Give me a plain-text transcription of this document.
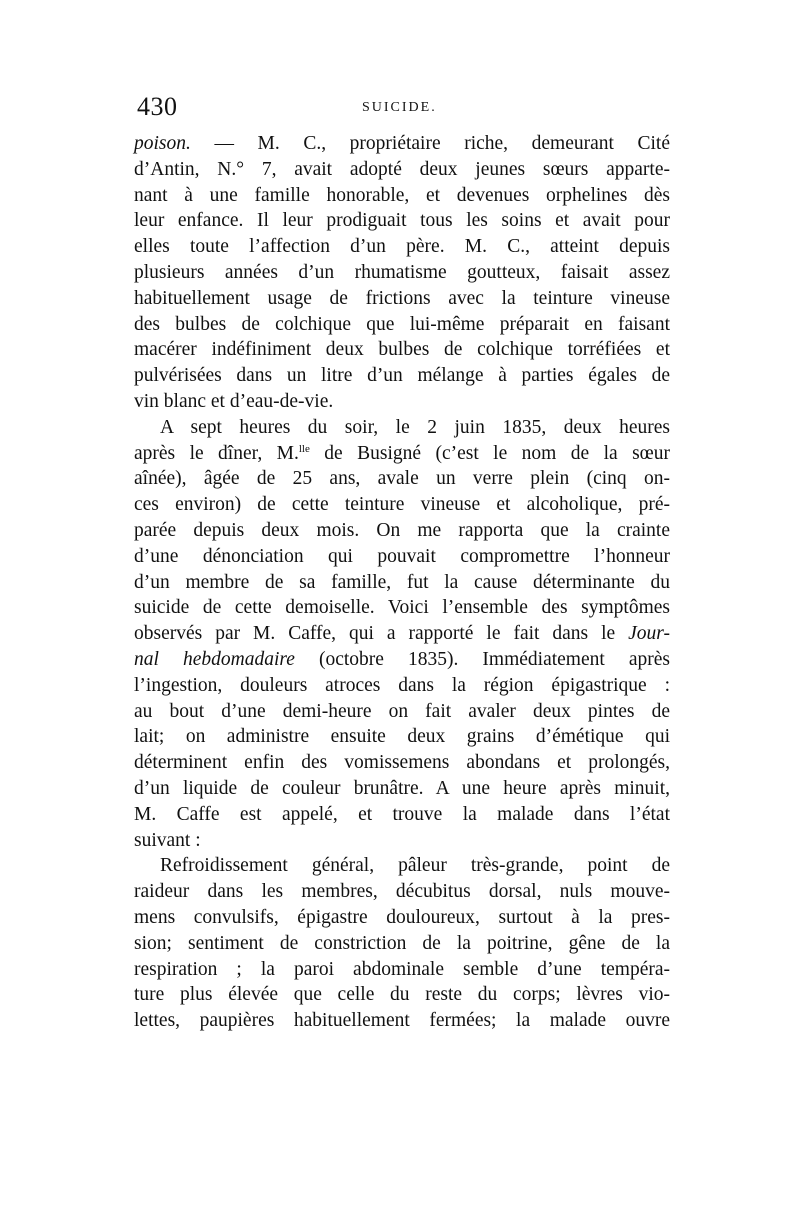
430	SUICIDE.
poison. — M. C., propriétaire riche, demeurant Cité
d’Antin, N.° 7, avait adopté deux jeunes sœurs apparte-
nant à une famille honorable, et devenues orphelines dès
leur enfance. Il leur prodiguait tous les soins et avait pour
elles toute l’affection d’un père. M. C., atteint depuis
plusieurs années d’un rhumatisme goutteux, faisait assez
habituellement usage de frictions avec la teinture vineuse
des bulbes de colchique que lui-même préparait en faisant
macérer indéfiniment deux bulbes de colchique torréfiées et
pulvérisées dans un litre d’un mélange à parties égales de
vin blanc et d’eau-de-vie.
A sept heures du soir, le 2 juin 1835, deux heures
après le dîner, M.$^{lle}$ de Busigné (c’est le nom de la sœur
aînée), âgée de 25 ans, avale un verre plein (cinq on-
ces environ) de cette teinture vineuse et alcoholique, pré-
parée depuis deux mois. On me rapporta que la crainte
d’une dénonciation qui pouvait compromettre l’honneur
d’un membre de sa famille, fut la cause déterminante du
suicide de cette demoiselle. Voici l’ensemble des symptômes
observés par M. Caffe, qui a rapporté le fait dans le Jour-
nal hebdomadaire (octobre 1835). Immédiatement après
l’ingestion, douleurs atroces dans la région épigastrique :
au bout d’une demi-heure on fait avaler deux pintes de
lait; on administre ensuite deux grains d’émétique qui
déterminent enfin des vomissemens abondans et prolongés,
d’un liquide de couleur brunâtre. A une heure après minuit,
M. Caffe est appelé, et trouve la malade dans l’état
suivant :
Refroidissement général, pâleur très-grande, point de
raideur dans les membres, décubitus dorsal, nuls mouve-
mens convulsifs, épigastre douloureux, surtout à la pres-
sion; sentiment de constriction de la poitrine, gêne de la
respiration ; la paroi abdominale semble d’une tempéra-
ture plus élevée que celle du reste du corps; lèvres vio-
lettes, paupières habituellement fermées; la malade ouvre
